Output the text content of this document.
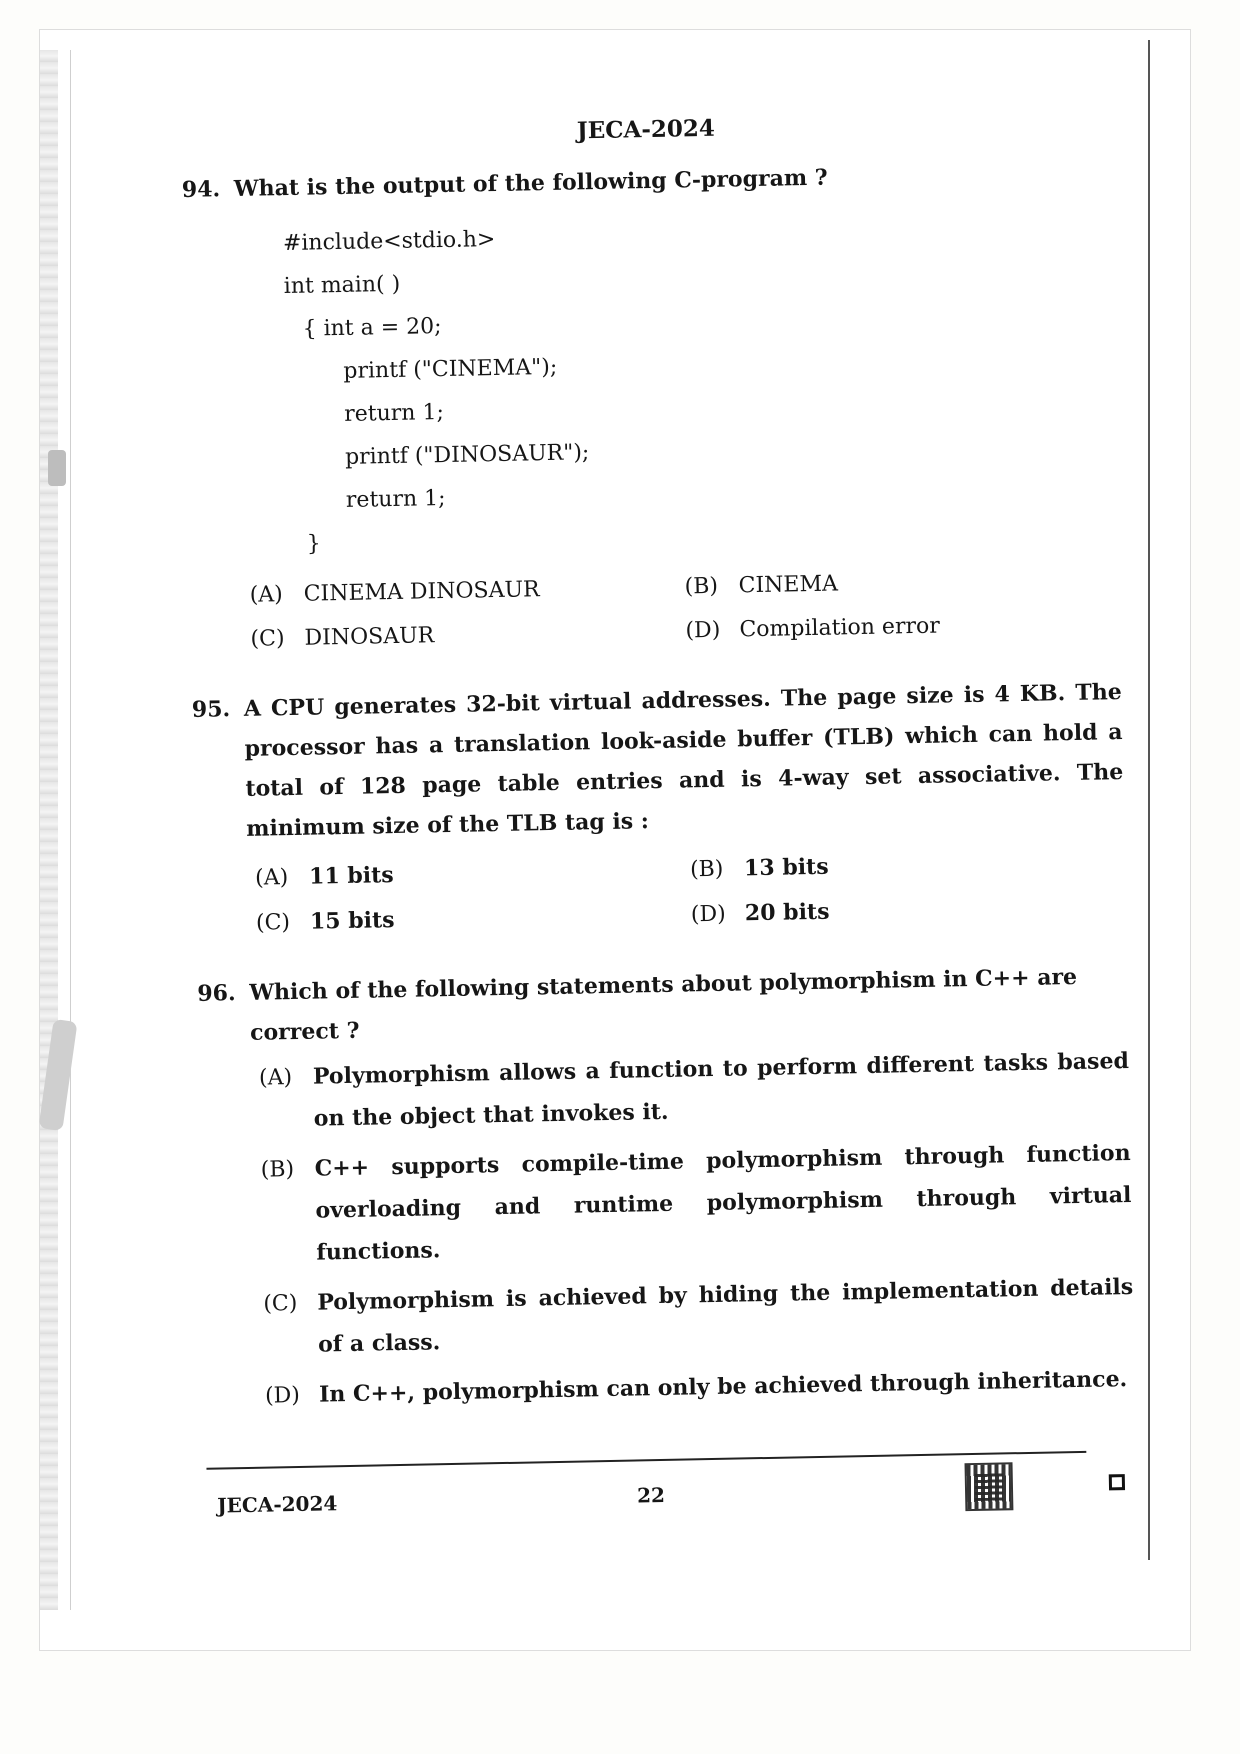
JECA-2024
94. What is the output of the following C-program ?
#include<stdio.h>
int main( )
{ int a = 20;
printf ("CINEMA");
return 1;
printf ("DINOSAUR");
return 1;
}
(A) CINEMA DINOSAUR	(B) CINEMA
(C) DINOSAUR	(D) Compilation error
95. A CPU generates 32-bit virtual addresses. The page size is 4 KB. The processor has a translation look-aside buffer (TLB) which can hold a total of 128 page table entries and is 4-way set associative. The minimum size of the TLB tag is :
(A) 11 bits	(B) 13 bits
(C) 15 bits	(D) 20 bits
96. Which of the following statements about polymorphism in C++ are correct ?
(A) Polymorphism allows a function to perform different tasks based on the object that invokes it.
(B) C++ supports compile-time polymorphism through function overloading and runtime polymorphism through virtual functions.
(C) Polymorphism is achieved by hiding the implementation details of a class.
(D) In C++, polymorphism can only be achieved through inheritance.
JECA-2024	22
